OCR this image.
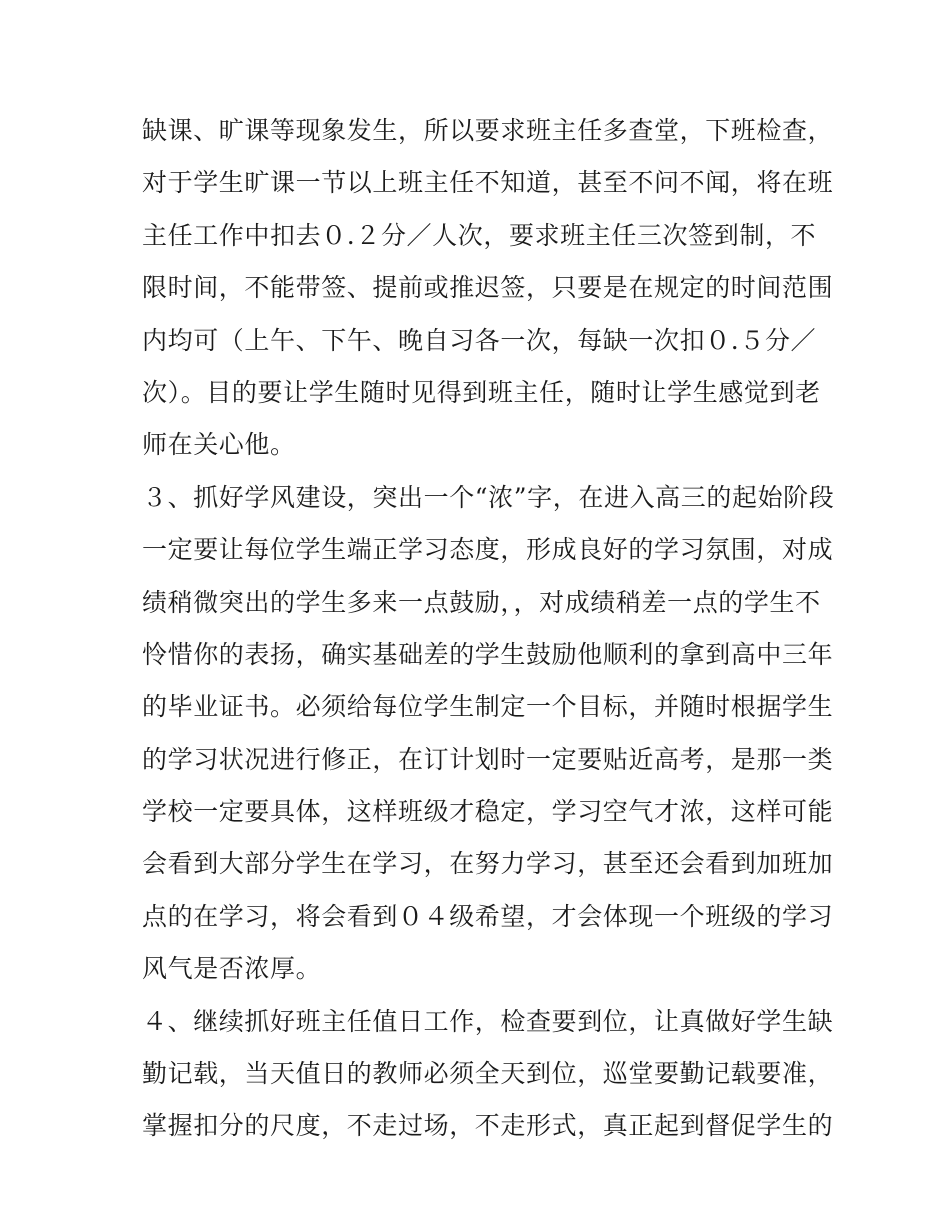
缺课、旷课等现象发生，所以要求班主任多查堂，下班检查，
对于学生旷课一节以上班主任不知道，甚至不问不闻，将在班
主任工作中扣去０.２分／人次，要求班主任三次签到制，不
限时间，不能带签、提前或推迟签，只要是在规定的时间范围
内均可（上午、下午、晚自习各一次，每缺一次扣０.５分／
次）。目的要让学生随时见得到班主任，随时让学生感觉到老
师在关心他。
３、抓好学风建设，突出一个“浓”字，在进入高三的起始阶段
一定要让每位学生端正学习态度，形成良好的学习氛围，对成
绩稍微突出的学生多来一点鼓励，，对成绩稍差一点的学生不
怜惜你的表扬，确实基础差的学生鼓励他顺利的拿到高中三年
的毕业证书。必须给每位学生制定一个目标，并随时根据学生
的学习状况进行修正，在订计划时一定要贴近高考，是那一类
学校一定要具体，这样班级才稳定，学习空气才浓，这样可能
会看到大部分学生在学习，在努力学习，甚至还会看到加班加
点的在学习，将会看到０４级希望，才会体现一个班级的学习
风气是否浓厚。
４、继续抓好班主任值日工作，检查要到位，让真做好学生缺
勤记载，当天值日的教师必须全天到位，巡堂要勤记载要准，
掌握扣分的尺度，不走过场，不走形式，真正起到督促学生的
